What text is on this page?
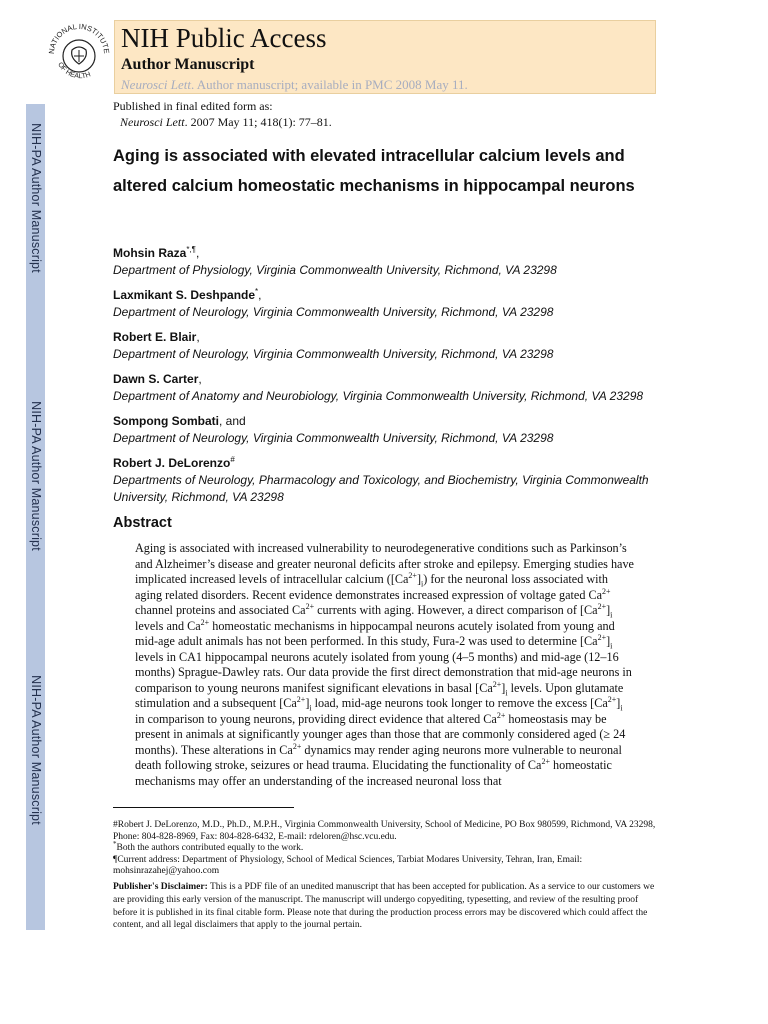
NIH-PA Author Manuscript
NIH-PA Author Manuscript
NIH-PA Author Manuscript
NATIONAL INSTITUTE
OF HEALTH
NIH Public Access
Author Manuscript
Neurosci Lett. Author manuscript; available in PMC 2008 May 11.
Published in final edited form as:
Neurosci Lett. 2007 May 11; 418(1): 77–81.
Aging is associated with elevated intracellular calcium levels and altered calcium homeostatic mechanisms in hippocampal neurons
Mohsin Raza*,¶,
Department of Physiology, Virginia Commonwealth University, Richmond, VA 23298
Laxmikant S. Deshpande*,
Department of Neurology, Virginia Commonwealth University, Richmond, VA 23298
Robert E. Blair,
Department of Neurology, Virginia Commonwealth University, Richmond, VA 23298
Dawn S. Carter,
Department of Anatomy and Neurobiology, Virginia Commonwealth University, Richmond, VA 23298
Sompong Sombati, and
Department of Neurology, Virginia Commonwealth University, Richmond, VA 23298
Robert J. DeLorenzo#
Departments of Neurology, Pharmacology and Toxicology, and Biochemistry, Virginia Commonwealth University, Richmond, VA 23298
Abstract
Aging is associated with increased vulnerability to neurodegenerative conditions such as Parkinson’s and Alzheimer’s disease and greater neuronal deficits after stroke and epilepsy. Emerging studies have implicated increased levels of intracellular calcium $([Ca^{2+}]_i)$ for the neuronal loss associated with aging related disorders. Recent evidence demonstrates increased expression of voltage gated $Ca^{2+}$ channel proteins and associated $Ca^{2+}$ currents with aging. However, a direct comparison of $[Ca^{2+}]_i$ levels and $Ca^{2+}$ homeostatic mechanisms in hippocampal neurons acutely isolated from young and mid-age adult animals has not been performed. In this study, Fura-2 was used to determine $[Ca^{2+}]_i$ levels in CA1 hippocampal neurons acutely isolated from young (4–5 months) and mid-age (12–16 months) Sprague-Dawley rats. Our data provide the first direct demonstration that mid-age neurons in comparison to young neurons manifest significant elevations in basal $[Ca^{2+}]_i$ levels. Upon glutamate stimulation and a subsequent $[Ca^{2+}]_i$ load, mid-age neurons took longer to remove the excess $[Ca^{2+}]_i$ in comparison to young neurons, providing direct evidence that altered $Ca^{2+}$ homeostasis may be present in animals at significantly younger ages than those that are commonly considered aged (≥ 24 months). These alterations in $Ca^{2+}$ dynamics may render aging neurons more vulnerable to neuronal death following stroke, seizures or head trauma. Elucidating the functionality of $Ca^{2+}$ homeostatic mechanisms may offer an understanding of the increased neuronal loss that
#Robert J. DeLorenzo, M.D., Ph.D., M.P.H., Virginia Commonwealth University, School of Medicine, PO Box 980599, Richmond, VA 23298, Phone: 804-828-8969, Fax: 804-828-6432, E-mail: rdeloren@hsc.vcu.edu.
*Both the authors contributed equally to the work.
¶Current address: Department of Physiology, School of Medical Sciences, Tarbiat Modares University, Tehran, Iran, Email: mohsinrazahej@yahoo.com
Publisher's Disclaimer: This is a PDF file of an unedited manuscript that has been accepted for publication. As a service to our customers we are providing this early version of the manuscript. The manuscript will undergo copyediting, typesetting, and review of the resulting proof before it is published in its final citable form. Please note that during the production process errors may be discovered which could affect the content, and all legal disclaimers that apply to the journal pertain.
